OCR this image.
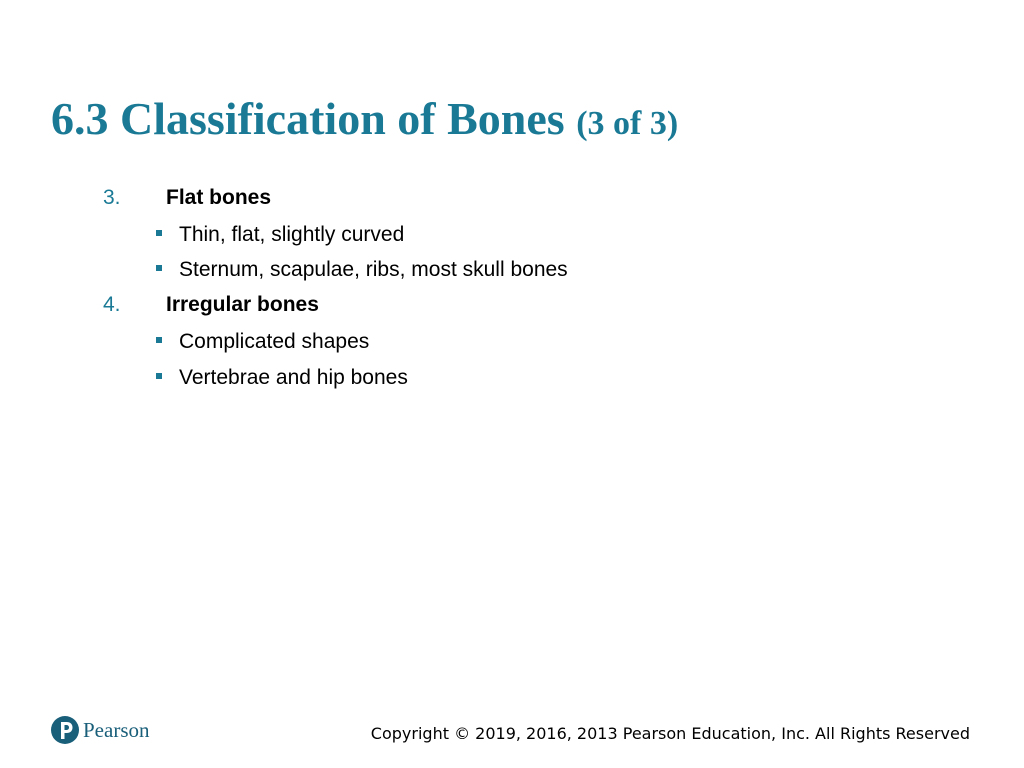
6.3 Classification of Bones (3 of 3)
3. Flat bones
Thin, flat, slightly curved
Sternum, scapulae, ribs, most skull bones
4. Irregular bones
Complicated shapes
Vertebrae and hip bones
Pearson	Copyright © 2019, 2016, 2013 Pearson Education, Inc. All Rights Reserved
